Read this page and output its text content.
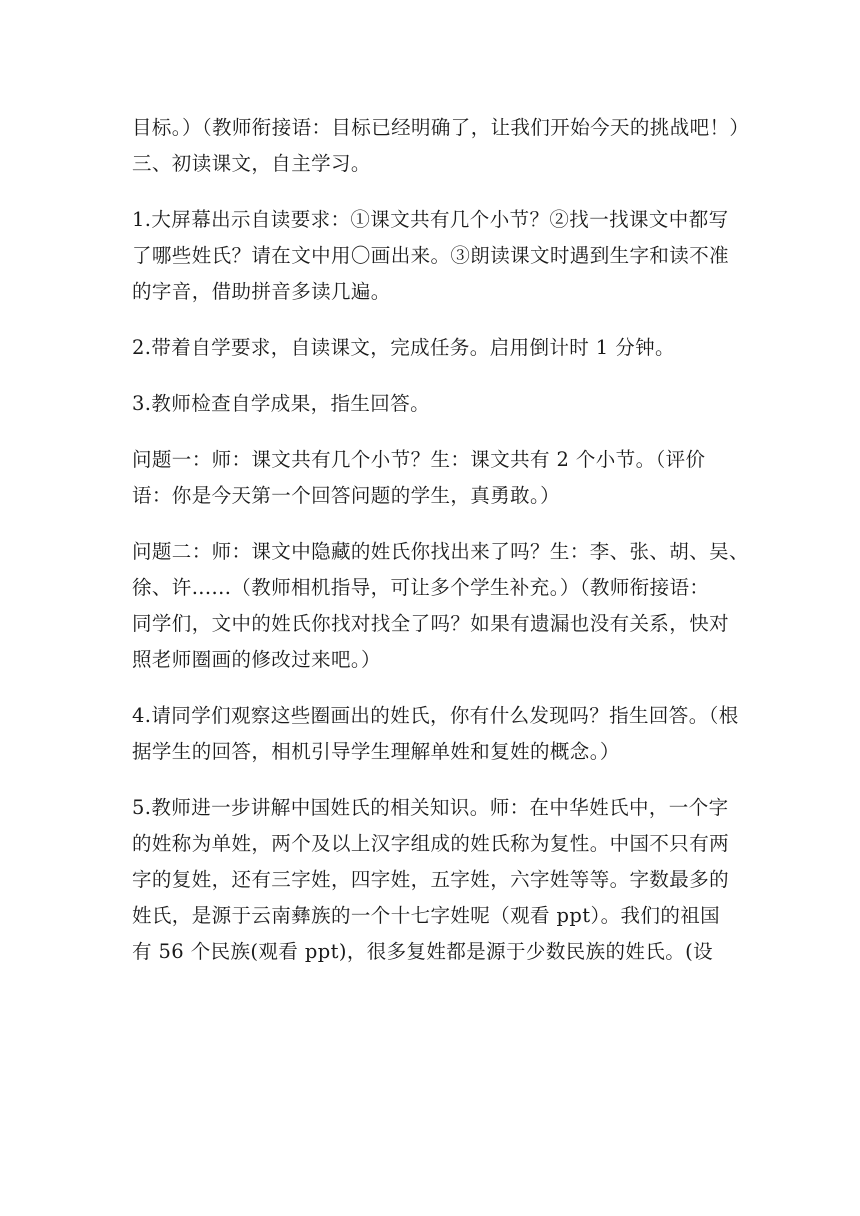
目标。）（教师衔接语：目标已经明确了，让我们开始今天的挑战吧！）
三、初读课文，自主学习。
1.大屏幕出示自读要求：①课文共有几个小节？②找一找课文中都写
了哪些姓氏？请在文中用〇画出来。③朗读课文时遇到生字和读不准
的字音，借助拼音多读几遍。
2.带着自学要求，自读课文，完成任务。启用倒计时 1 分钟。
3.教师检查自学成果，指生回答。
问题一：师：课文共有几个小节？生：课文共有 2 个小节。（评价
语：你是今天第一个回答问题的学生，真勇敢。）
问题二：师：课文中隐藏的姓氏你找出来了吗？生：李、张、胡、吴、
徐、许......（教师相机指导，可让多个学生补充。）（教师衔接语：
同学们，文中的姓氏你找对找全了吗？如果有遗漏也没有关系，快对
照老师圈画的修改过来吧。）
4.请同学们观察这些圈画出的姓氏，你有什么发现吗？指生回答。（根
据学生的回答，相机引导学生理解单姓和复姓的概念。）
5.教师进一步讲解中国姓氏的相关知识。师：在中华姓氏中，一个字
的姓称为单姓，两个及以上汉字组成的姓氏称为复性。中国不只有两
字的复姓，还有三字姓，四字姓，五字姓，六字姓等等。字数最多的
姓氏，是源于云南彝族的一个十七字姓呢（观看 ppt）。我们的祖国
有 56 个民族(观看 ppt)，很多复姓都是源于少数民族的姓氏。(设
